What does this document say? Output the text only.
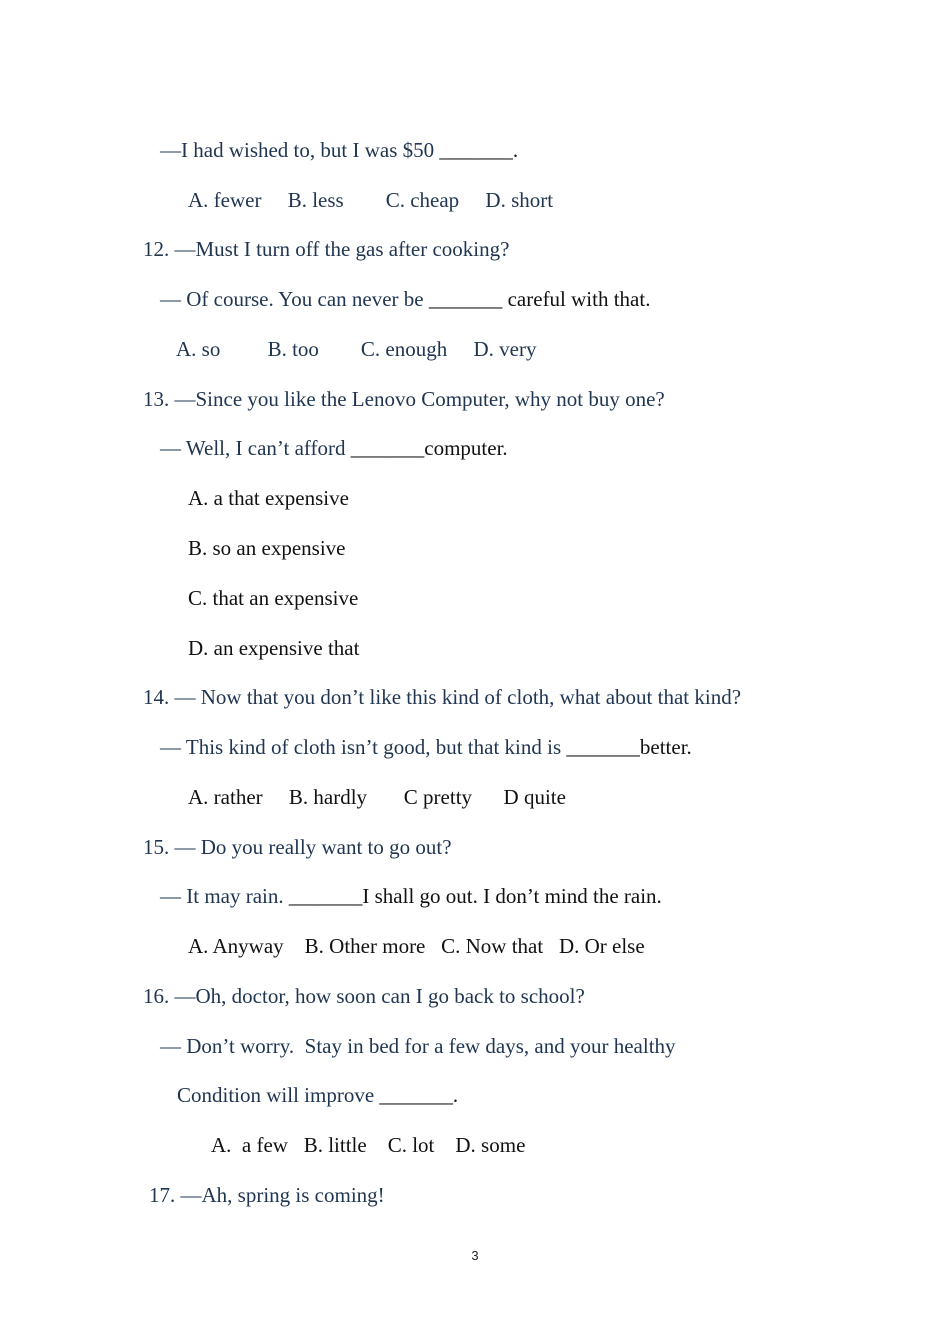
—I had wished to, but I was $50 _______.
A. fewer     B. less        C. cheap     D. short
12. —Must I turn off the gas after cooking?
— Of course. You can never be _______ careful with that.
A. so         B. too        C. enough     D. very
13. —Since you like the Lenovo Computer, why not buy one?
— Well, I can’t afford _______computer.
A. a that expensive
B. so an expensive
C. that an expensive
D. an expensive that
14. — Now that you don’t like this kind of cloth, what about that kind?
— This kind of cloth isn’t good, but that kind is _______better.
A. rather     B. hardly       C pretty      D quite
15. — Do you really want to go out?
— It may rain. _______I shall go out. I don’t mind the rain.
A. Anyway    B. Other more   C. Now that   D. Or else
16. —Oh, doctor, how soon can I go back to school?
— Don’t worry.  Stay in bed for a few days, and your healthy
Condition will improve _______.
A.  a few   B. little    C. lot    D. some
17. —Ah, spring is coming!
3
